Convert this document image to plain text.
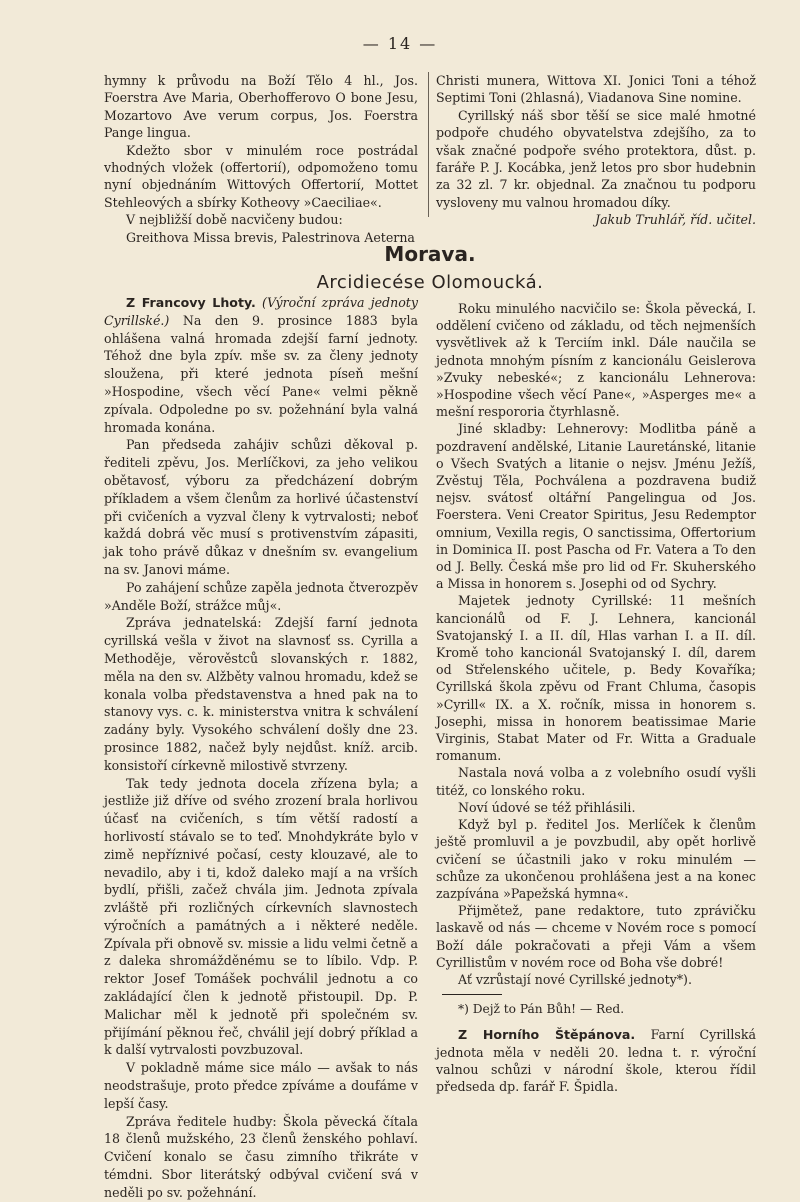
— 14 —

hymny k průvodu na Boží Tělo 4 hl., Jos. Foerstra Ave Maria, Oberhofferovo O bone Jesu, Mozartovo Ave verum corpus, Jos. Foerstra Pange lingua.

Kdežto sbor v minulém roce postrádal vhodných vložek (offertorií), odpomoženo tomu nyní objednáním Wittových Offertorií, Mottet Stehleových a sbírky Kotheovy »Caeciliae«.

V nejbližší době nacvičeny budou:

Greithova Missa brevis, Palestrinova Aeterna

Christi munera, Wittova XI. Jonici Toni a téhož Septimi Toni (2hlasná), Viadanova Sine nomine.

Cyrillský náš sbor těší se sice malé hmotné podpoře chudého obyvatelstva zdejšího, za to však značné podpoře svého protektora, důst. p. faráře P. J. Kocábka, jenž letos pro sbor hudebnin za 32 zl. 7 kr. objednal. Za značnou tu podporu vysloveny mu valnou hromadou díky.

Jakub Truhlář, říd. učitel.

Morava.
Arcidiecése Olomoucká.

Z Francovy Lhoty. (Výroční zpráva jednoty Cyrillské.) Na den 9. prosince 1883 byla ohlášena valná hromada zdejší farní jednoty. Téhož dne byla zpív. mše sv. za členy jednoty sloužena, při které jednota píseň mešní »Hospodine, všech věcí Pane« velmi pěkně zpívala. Odpoledne po sv. požehnání byla valná hromada konána.

Pan předseda zahájiv schůzi děkoval p. řediteli zpěvu, Jos. Merlíčkovi, za jeho velikou obětavosť, výboru za předcházení dobrým příkladem a všem členům za horlivé účastenství při cvičeních a vyzval členy k vytrvalosti; neboť každá dobrá věc musí s protivenstvím zápasiti, jak toho právě důkaz v dnešním sv. evangelium na sv. Janovi máme.

Po zahájení schůze zapěla jednota čtverozpěv »Anděle Boží, strážce můj«.

Zpráva jednatelská: Zdejší farní jednota cyrillská vešla v život na slavnosť ss. Cyrilla a Methoděje, věrověstců slovanských r. 1882, měla na den sv. Alžběty valnou hromadu, kdež se konala volba představenstva a hned pak na to stanovy vys. c. k. ministerstva vnitra k schválení zadány byly. Vysokého schválení došly dne 23. prosince 1882, načež byly nejdůst. kníž. arcib. konsistoří církevně milostivě stvrzeny.

Tak tedy jednota docela zřízena byla; a jestliže již dříve od svého zrození brala horlivou účasť na cvičeních, s tím větší radostí a horlivostí stávalo se to teď. Mnohdykráte bylo v zimě nepříznivé počasí, cesty klouzavé, ale to nevadilo, aby i ti, kdož daleko mají a na vrších bydlí, přišli, začež chvála jim. Jednota zpívala zvláště při rozličných církevních slavnostech výročních a památných a i některé neděle. Zpívala při obnově sv. missie a lidu velmi četně a z daleka shromážděnému se to líbilo. Vdp. P. rektor Josef Tomášek pochválil jednotu a co zakládající člen k jednotě přistoupil. Dp. P. Malichar měl k jednotě při společném sv. přijímání pěknou řeč, chválil její dobrý příklad a k další vytrvalosti povzbuzoval.

V pokladně máme sice málo — avšak to nás neodstrašuje, proto předce zpíváme a doufáme v lepší časy.

Zpráva ředitele hudby: Škola pěvecká čítala 18 členů mužského, 23 členů ženského pohlaví. Cvičení konalo se času zimního třikráte v témdni. Sbor literátský odbýval cvičení svá v neděli po sv. požehnání.

Roku minulého nacvičilo se: Škola pěvecká, I. oddělení cvičeno od základu, od těch nejmenších vysvětlivek až k Terciím inkl. Dále naučila se jednota mnohým písním z kancionálu Geislerova »Zvuky nebeské«; z kancionálu Lehnerova: »Hospodine všech věcí Pane«, »Asperges me« a mešní respororia čtyrhlasně.

Jiné skladby: Lehnerovy: Modlitba páně a pozdravení andělské, Litanie Lauretánské, litanie o Všech Svatých a litanie o nejsv. Jménu Ježíš, Zvěstuj Těla, Pochválena a pozdravena budiž nejsv. svátosť oltářní Pangelingua od Jos. Foerstera. Veni Creator Spiritus, Jesu Redemptor omnium, Vexilla regis, O sanctissima, Offertorium in Dominica II. post Pascha od Fr. Vatera a To den od J. Belly. Česká mše pro lid od Fr. Skuherského a Missa in honorem s. Josephi od od Sychry.

Majetek jednoty Cyrillské: 11 mešních kancionálů od F. J. Lehnera, kancionál Svatojanský I. a II. díl, Hlas varhan I. a II. díl. Kromě toho kancionál Svatojanský I. díl, darem od Střelenského učitele, p. Bedy Kovaříka; Cyrillská škola zpěvu od Frant Chluma, časopis »Cyrill« IX. a X. ročník, missa in honorem s. Josephi, missa in honorem beatissimae Marie Virginis, Stabat Mater od Fr. Witta a Graduale romanum.

Nastala nová volba a z volebního osudí vyšli titéž, co lonského roku.

Noví údové se též přihlásili.

Když byl p. ředitel Jos. Merlíček k členům ještě promluvil a je povzbudil, aby opět horlivě cvičení se účastnili jako v roku minulém — schůze za ukončenou prohlášena jest a na konec zazpívána »Papežská hymna«.

Přijmětež, pane redaktore, tuto zprávičku laskavě od nás — chceme v Novém roce s pomocí Boží dále pokračovati a přeji Vám a všem Cyrillistům v novém roce od Boha vše dobré!

Ať vzrůstají nové Cyrillské jednoty*).

*) Dejž to Pán Bůh! — Red.

Z Horního Štěpánova. Farní Cyrillská jednota měla v neděli 20. ledna t. r. výroční valnou schůzi v národní škole, kterou řídil předseda dp. farář F. Špidla.
